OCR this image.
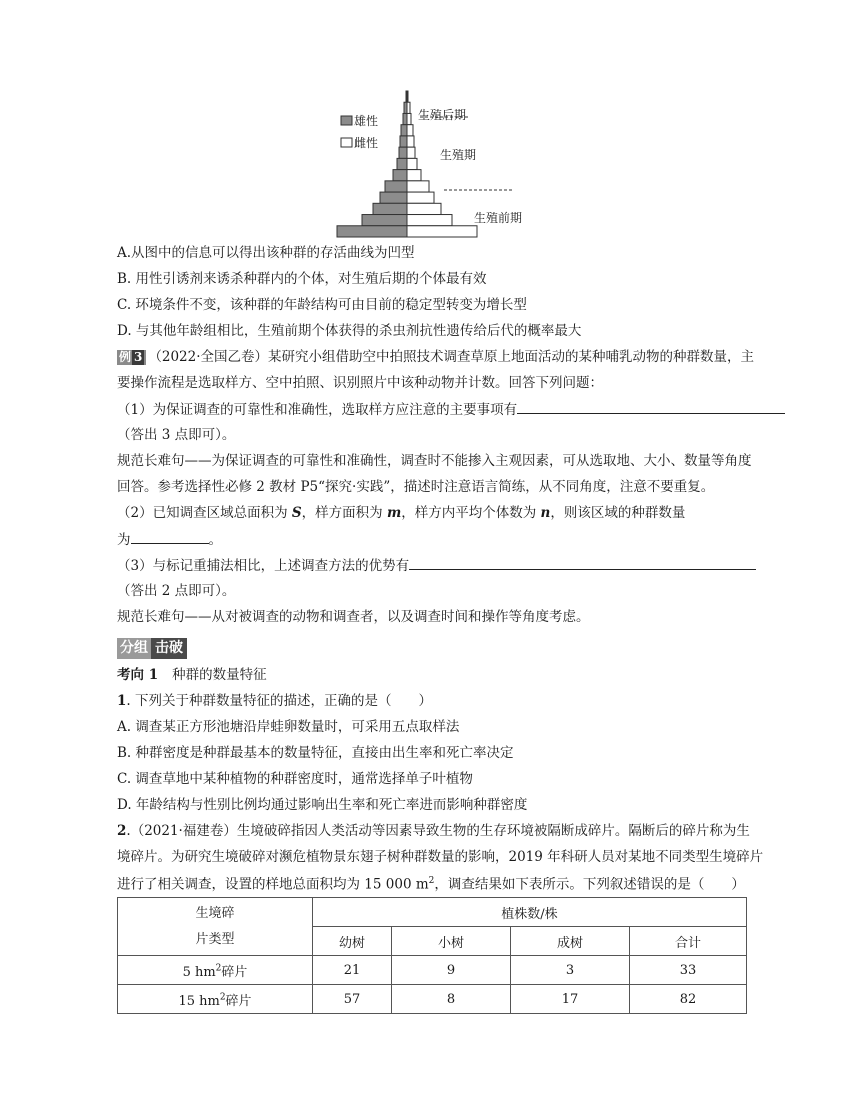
雄性
雌性
生殖后期
生殖期
生殖前期
A.从图中的信息可以得出该种群的存活曲线为凹型
B. 用性引诱剂来诱杀种群内的个体，对生殖后期的个体最有效
C. 环境条件不变，该种群的年龄结构可由目前的稳定型转变为增长型
D. 与其他年龄组相比，生殖前期个体获得的杀虫剂抗性遗传给后代的概率最大
例 3 （2022·全国乙卷）某研究小组借助空中拍照技术调查草原上地面活动的某种哺乳动物的种群数量，主
要操作流程是选取样方、空中拍照、识别照片中该种动物并计数。回答下列问题：
（1）为保证调查的可靠性和准确性，选取样方应注意的主要事项有
（答出 3 点即可）。
规范长难句——为保证调查的可靠性和准确性，调查时不能掺入主观因素，可从选取地、大小、数量等角度
回答。参考选择性必修 2 教材 P5“探究·实践”，描述时注意语言简练，从不同角度，注意不要重复。
（2）已知调查区域总面积为 S，样方面积为 m，样方内平均个体数为 n，则该区域的种群数量
为	。
（3）与标记重捕法相比，上述调查方法的优势有
（答出 2 点即可）。
规范长难句——从对被调查的动物和调查者，以及调查时间和操作等角度考虑。
分组 击破
考向 1 种群的数量特征
1. 下列关于种群数量特征的描述，正确的是（　　）
A. 调查某正方形池塘沿岸蛙卵数量时，可采用五点取样法
B. 种群密度是种群最基本的数量特征，直接由出生率和死亡率决定
C. 调查草地中某种植物的种群密度时，通常选择单子叶植物
D. 年龄结构与性别比例均通过影响出生率和死亡率进而影响种群密度
2.（2021·福建卷）生境破碎指因人类活动等因素导致生物的生存环境被隔断成碎片。隔断后的碎片称为生
境碎片。为研究生境破碎对濒危植物景东翅子树种群数量的影响，2019 年科研人员对某地不同类型生境碎片
进行了相关调查，设置的样地总面积均为 15 000 $m^2$，调查结果如下表所示。下列叙述错误的是（　　）
生境碎
片类型	植株数/株			
	幼树	小树	成树	合计
5 $hm^2$碎片	21	9	3	33
15 $hm^2$碎片	57	8	17	82
